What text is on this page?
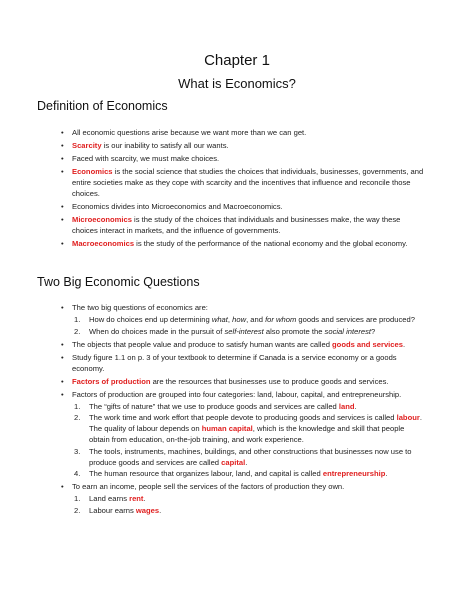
Chapter 1
What is Economics?
Definition of Economics
• All economic questions arise because we want more than we can get.
• Scarcity is our inability to satisfy all our wants.
• Faced with scarcity, we must make choices.
• Economics is the social science that studies the choices that individuals, businesses, governments, and entire societies make as they cope with scarcity and the incentives that influence and reconcile those choices.
• Economics divides into Microeconomics and Macroeconomics.
• Microeconomics is the study of the choices that individuals and businesses make, the way these choices interact in markets, and the influence of governments.
• Macroeconomics is the study of the performance of the national economy and the global economy.
Two Big Economic Questions
• The two big questions of economics are:
1. How do choices end up determining what, how, and for whom goods and services are produced?
2. When do choices made in the pursuit of self-interest also promote the social interest?
• The objects that people value and produce to satisfy human wants are called goods and services.
• Study figure 1.1 on p. 3 of your textbook to determine if Canada is a service economy or a goods economy.
• Factors of production are the resources that businesses use to produce goods and services.
• Factors of production are grouped into four categories: land, labour, capital, and entrepreneurship.
1. The “gifts of nature” that we use to produce goods and services are called land.
2. The work time and work effort that people devote to producing goods and services is called labour. The quality of labour depends on human capital, which is the knowledge and skill that people obtain from education, on-the-job training, and work experience.
3. The tools, instruments, machines, buildings, and other constructions that businesses now use to produce goods and services are called capital.
4. The human resource that organizes labour, land, and capital is called entrepreneurship.
• To earn an income, people sell the services of the factors of production they own.
1. Land earns rent.
2. Labour earns wages.
